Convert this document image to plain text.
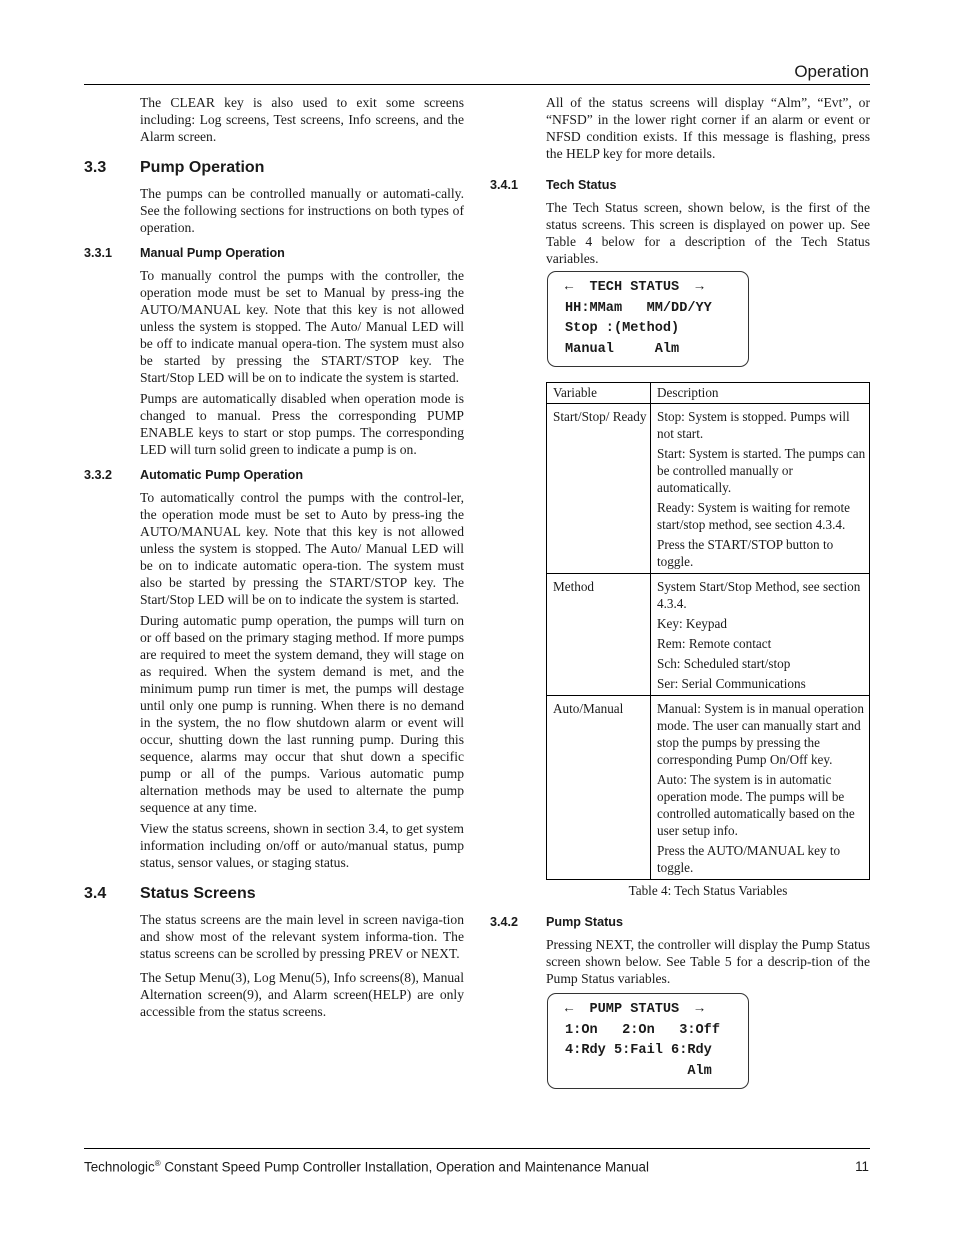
Operation

The CLEAR key is also used to exit some screens including: Log screens, Test screens, Info screens, and the Alarm screen.

3.3	Pump Operation

The pumps can be controlled manually or automati-cally. See the following sections for instructions on both types of operation.

3.3.1	Manual Pump Operation

To manually control the pumps with the controller, the operation mode must be set to Manual by press-ing the AUTO/MANUAL key. Note that this key is not allowed unless the system is stopped. The Auto/ Manual LED will be off to indicate manual opera-tion. The system must also be started by pressing the START/STOP key. The Start/Stop LED will be on to indicate the system is started.

Pumps are automatically disabled when operation mode is changed to manual. Press the corresponding PUMP ENABLE keys to start or stop pumps. The corresponding LED will turn solid green to indicate a pump is on.

3.3.2	Automatic Pump Operation

To automatically control the pumps with the control-ler, the operation mode must be set to Auto by press-ing the AUTO/MANUAL key. Note that this key is not allowed unless the system is stopped. The Auto/ Manual LED will be on to indicate automatic opera-tion. The system must also be started by pressing the START/STOP key. The Start/Stop LED will be on to indicate the system is started.

During automatic pump operation, the pumps will turn on or off based on the primary staging method. If more pumps are required to meet the system demand, they will stage on as required. When the system demand is met, and the minimum pump run timer is met, the pumps will destage until only one pump is running. When there is no demand in the system, the no flow shutdown alarm or event will occur, shutting down the last running pump. During this sequence, alarms may occur that shut down a specific pump or all of the pumps. Various automatic pump alternation methods may be used to alternate the pump sequence at any time.

View the status screens, shown in section 3.4, to get system information including on/off or auto/manual status, pump status, sensor values, or staging status.

3.4	Status Screens

The status screens are the main level in screen naviga-tion and show most of the relevant system informa-tion. The status screens can be scrolled by pressing PREV or NEXT.

The Setup Menu(3), Log Menu(5), Info screens(8), Manual Alternation screen(9), and Alarm screen(HELP) are only accessible from the status screens.

All of the status screens will display “Alm”, “Evt”, or “NFSD” in the lower right corner if an alarm or event or NFSD condition exists. If this message is flashing, press the HELP key for more details.

3.4.1	Tech Status

The Tech Status screen, shown below, is the first of the status screens. This screen is displayed on power up. See Table 4 below for a description of the Tech Status variables.

←  TECH STATUS  →
HH:MMam   MM/DD/YY
Stop :(Method)
Manual     Alm
Variable	Description
Start/Stop/ Ready	Stop: System is stopped. Pumps will not start.
Start: System is started. The pumps can be controlled manually or automatically.
Ready: System is waiting for remote start/stop method, see section 4.3.4.
Press the START/STOP button to toggle.

Method	System Start/Stop Method, see section 4.3.4.
Key: Keypad
Rem: Remote contact
Sch: Scheduled start/stop
Ser: Serial Communications

Auto/Manual	Manual: System is in manual operation mode. The user can manually start and stop the pumps by pressing the corresponding Pump On/Off key.
Auto: The system is in automatic operation mode. The pumps will be controlled automatically based on the user setup info.
Press the AUTO/MANUAL key to toggle.
Table 4: Tech Status Variables
3.4.2	Pump Status

Pressing NEXT, the controller will display the Pump Status screen shown below. See Table 5 for a descrip-tion of the Pump Status variables.

←  PUMP STATUS  →
1:On   2:On   3:Off
4:Rdy 5:Fail 6:Rdy
Alm
Technologic® Constant Speed Pump Controller Installation, Operation and Maintenance Manual	11
